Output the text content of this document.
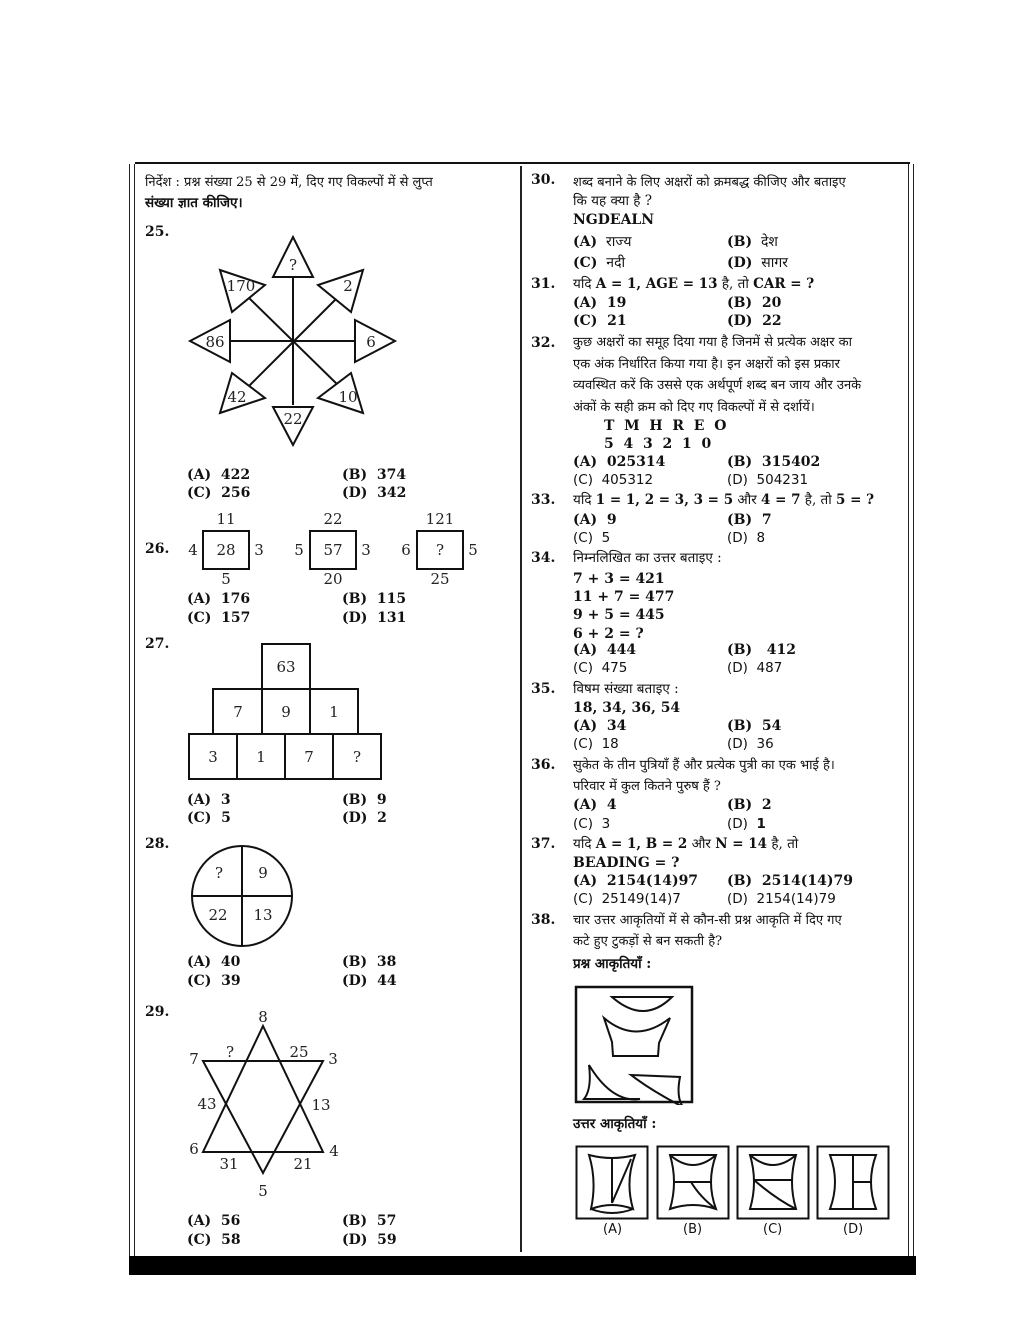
निर्देश : प्रश्न संख्या 25 से 29 में, दिए गए विकल्पों में से लुप्त
संख्या ज्ञात कीजिए।
25.
?
2
6
10
22
42
86
170
(A) 422	(B) 374
(C) 256	(D) 342
26.
11
4 28 3
5
22
5 57 3
20
121
6 ? 5
25
(A) 176	(B) 115
(C) 157	(D) 131
27.
63
7	9	1
3	1	7	?
(A) 3	(B) 9
(C) 5	(D) 2
28.
? 9
22 13
(A) 40	(B) 38
(C) 39	(D) 44
29.	8
7	3
6	4
5
?	25
43	13
31	21
(A) 56	(B) 57
(C) 58	(D) 59
30. शब्द बनाने के लिए अक्षरों को क्रमबद्ध कीजिए और बताइए
कि यह क्या है ?
NGDEALN
(A) राज्य	(B) देश
(C) नदी	(D) सागर
31. यदि A = 1, AGE = 13 है, तो CAR = ?
(A) 19	(B) 20
(C) 21	(D) 22
32. कुछ अक्षरों का समूह दिया गया है जिनमें से प्रत्येक अक्षर का
एक अंक निर्धारित किया गया है। इन अक्षरों को इस प्रकार
व्यवस्थित करें कि उससे एक अर्थपूर्ण शब्द बन जाय और उनके
अंकों के सही क्रम को दिए गए विकल्पों में से दर्शायें।
T  M  H  R  E  O
5  4  3  2  1  0
(A) 025314	(B) 315402
(C) 405312	(D) 504231
33. यदि 1 = 1, 2 = 3, 3 = 5 और 4 = 7 है, तो 5 = ?
(A) 9	(B) 7
(C) 5	(D) 8
34. निम्नलिखित का उत्तर बताइए :
7 + 3 = 421
11 + 7 = 477
9 + 5 = 445
6 + 2 = ?
(A) 444	(B) 412
(C) 475	(D) 487
35. विषम संख्या बताइए :
18, 34, 36, 54
(A) 34	(B) 54
(C) 18	(D) 36
36. सुकेत के तीन पुत्रियाँ हैं और प्रत्येक पुत्री का एक भाई है।
परिवार में कुल कितने पुरुष हैं ?
(A) 4	(B) 2
(C) 3	(D) 1
37. यदि A = 1, B = 2 और N = 14 है, तो
BEADING = ?
(A) 2154(14)97 (B) 2514(14)79
(C) 25149(14)7	(D) 2154(14)79
38. चार उत्तर आकृतियों में से कौन-सी प्रश्न आकृति में दिए गए
कटे हुए टुकड़ों से बन सकती है?
प्रश्न आकृतियाँ :
उत्तर आकृतियाँ :
(A)	(B)	(C)	(D)
